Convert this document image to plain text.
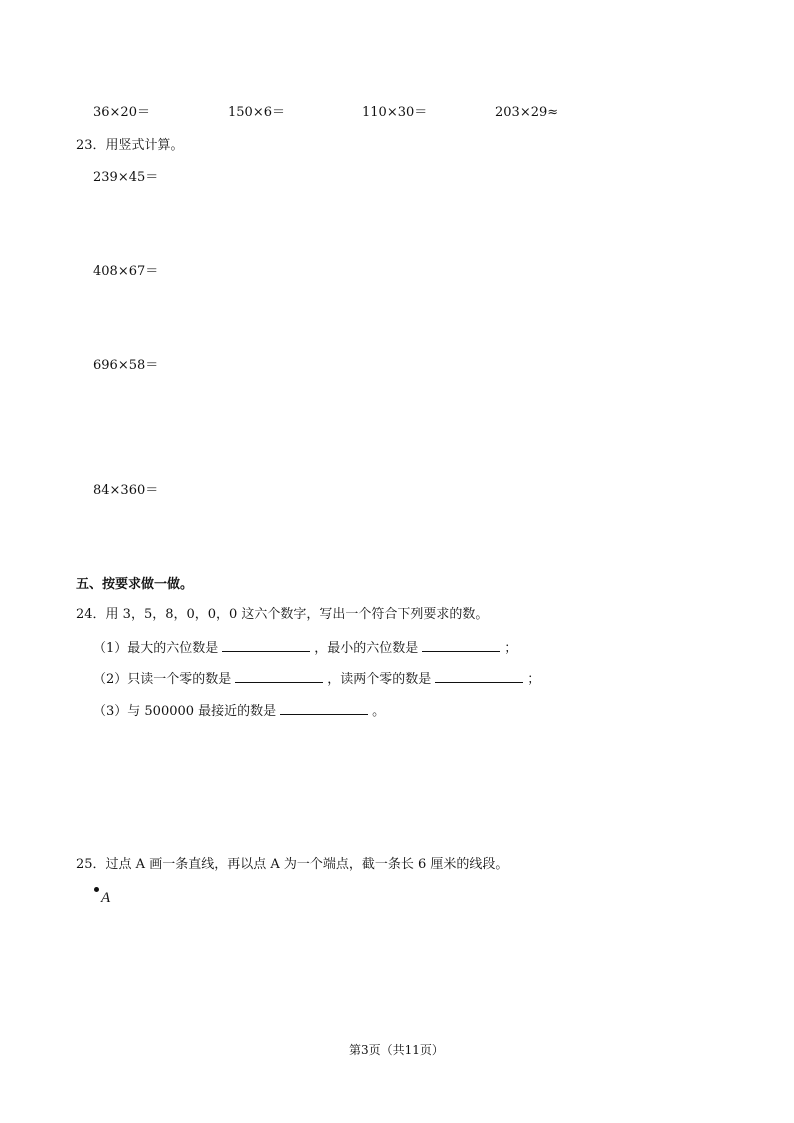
36×20＝	150×6＝	110×30＝	203×29≈
23．用竖式计算。
239×45＝
408×67＝
696×58＝
84×360＝
五、按要求做一做。
24．用 3，5，8，0，0，0 这六个数字，写出一个符合下列要求的数。
（1）最大的六位数是	，最小的六位数是	；
（2）只读一个零的数是	，读两个零的数是	；
（3）与 500000 最接近的数是	。
25．过点 A 画一条直线，再以点 A 为一个端点，截一条长 6 厘米的线段。
A
第3页（共11页）
